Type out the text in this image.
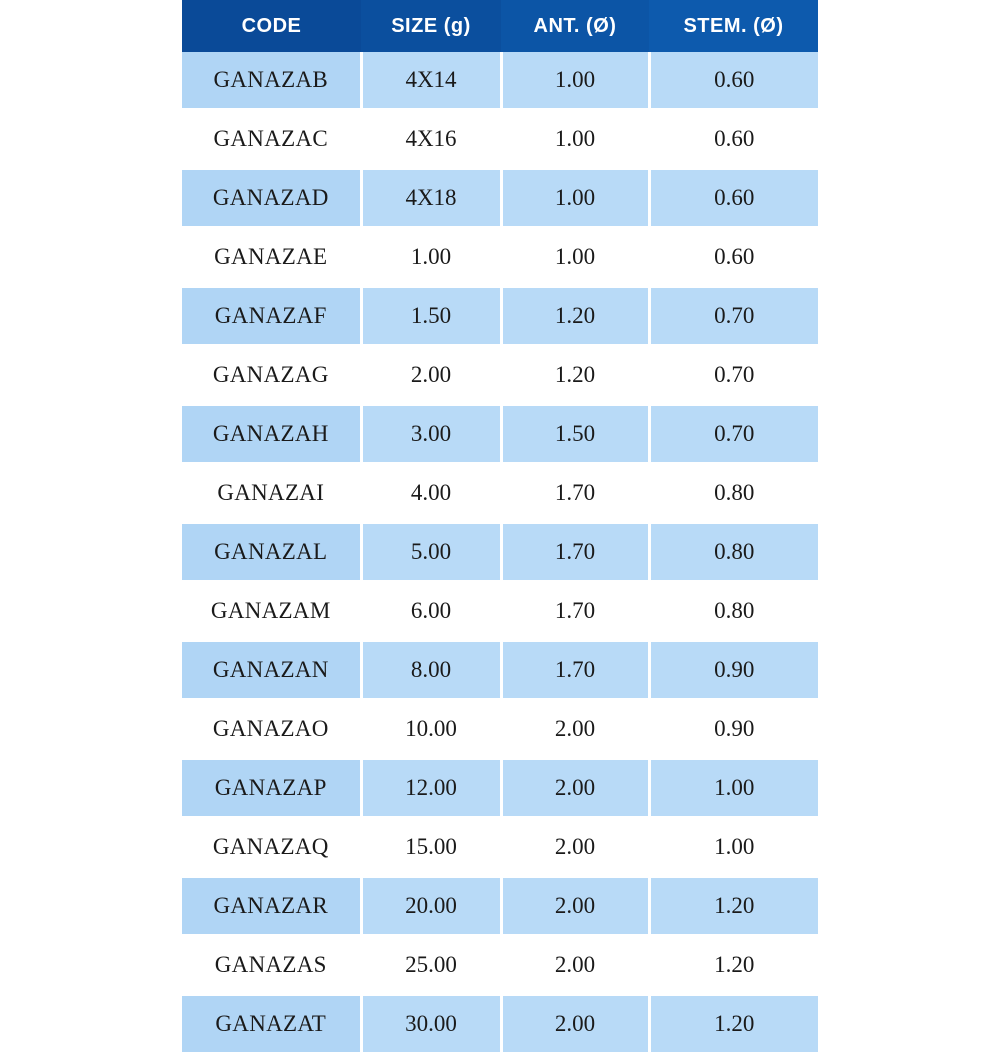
CODE	SIZE (g)	ANT. (Ø)	STEM. (Ø)
GANAZAB	4X14	1.00	0.60
GANAZAC	4X16	1.00	0.60
GANAZAD	4X18	1.00	0.60
GANAZAE	1.00	1.00	0.60
GANAZAF	1.50	1.20	0.70
GANAZAG	2.00	1.20	0.70
GANAZAH	3.00	1.50	0.70
GANAZAI	4.00	1.70	0.80
GANAZAL	5.00	1.70	0.80
GANAZAM	6.00	1.70	0.80
GANAZAN	8.00	1.70	0.90
GANAZAO	10.00	2.00	0.90
GANAZAP	12.00	2.00	1.00
GANAZAQ	15.00	2.00	1.00
GANAZAR	20.00	2.00	1.20
GANAZAS	25.00	2.00	1.20
GANAZAT	30.00	2.00	1.20
